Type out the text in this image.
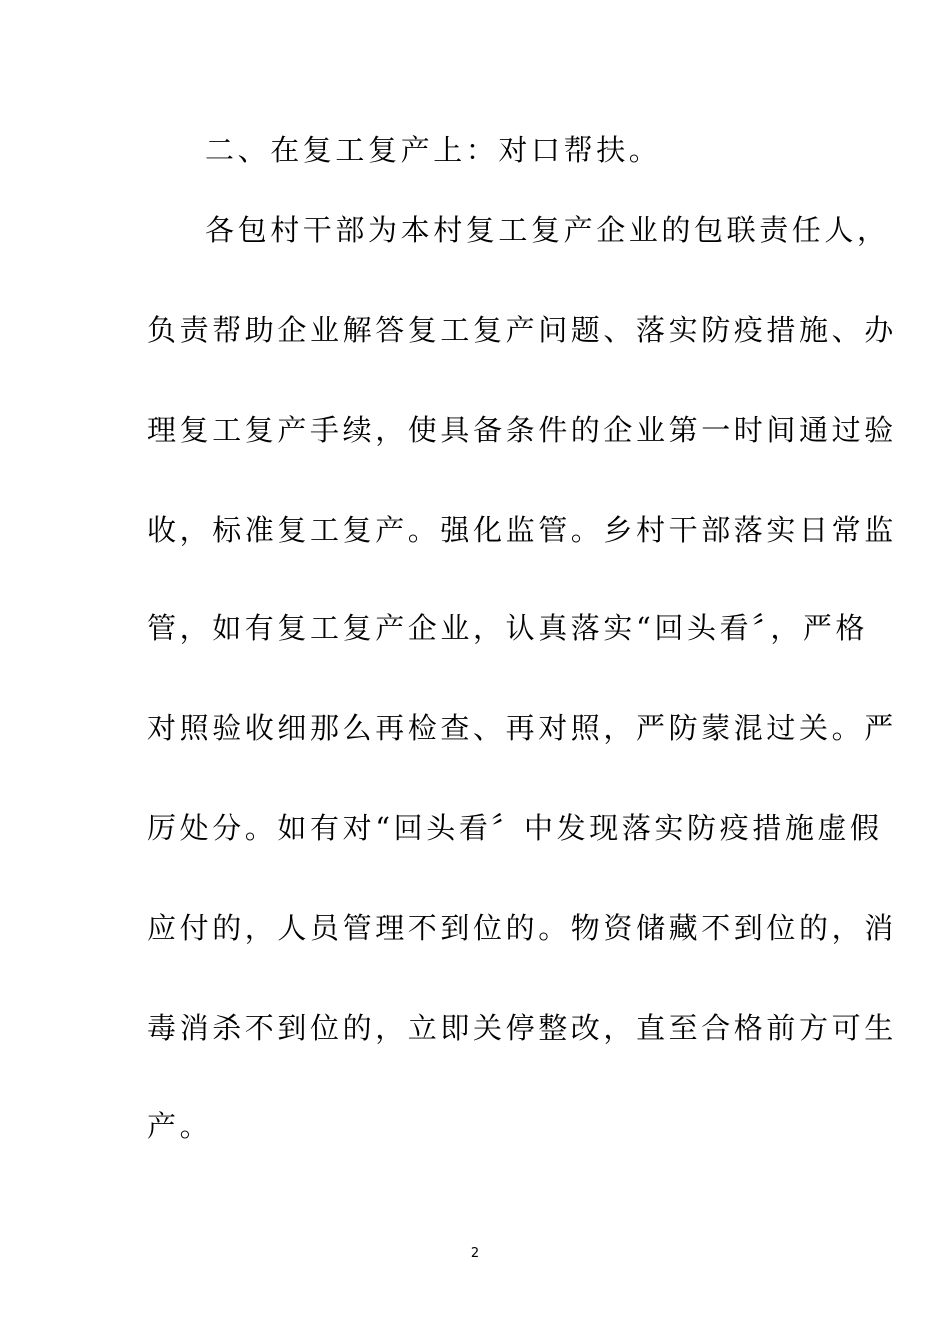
二、在复工复产上：对口帮扶。
各包村干部为本村复工复产企业的包联责任人，
负责帮助企业解答复工复产问题、落实防疫措施、办
理复工复产手续，使具备条件的企业第一时间通过验
收，标准复工复产。强化监管。乡村干部落实日常监
管，如有复工复产企业，认真落实“回头看〞，严格
对照验收细那么再检查、再对照，严防蒙混过关。严
厉处分。如有对“回头看〞中发现落实防疫措施虚假
应付的，人员管理不到位的。物资储藏不到位的，消
毒消杀不到位的，立即关停整改，直至合格前方可生
产。
2
